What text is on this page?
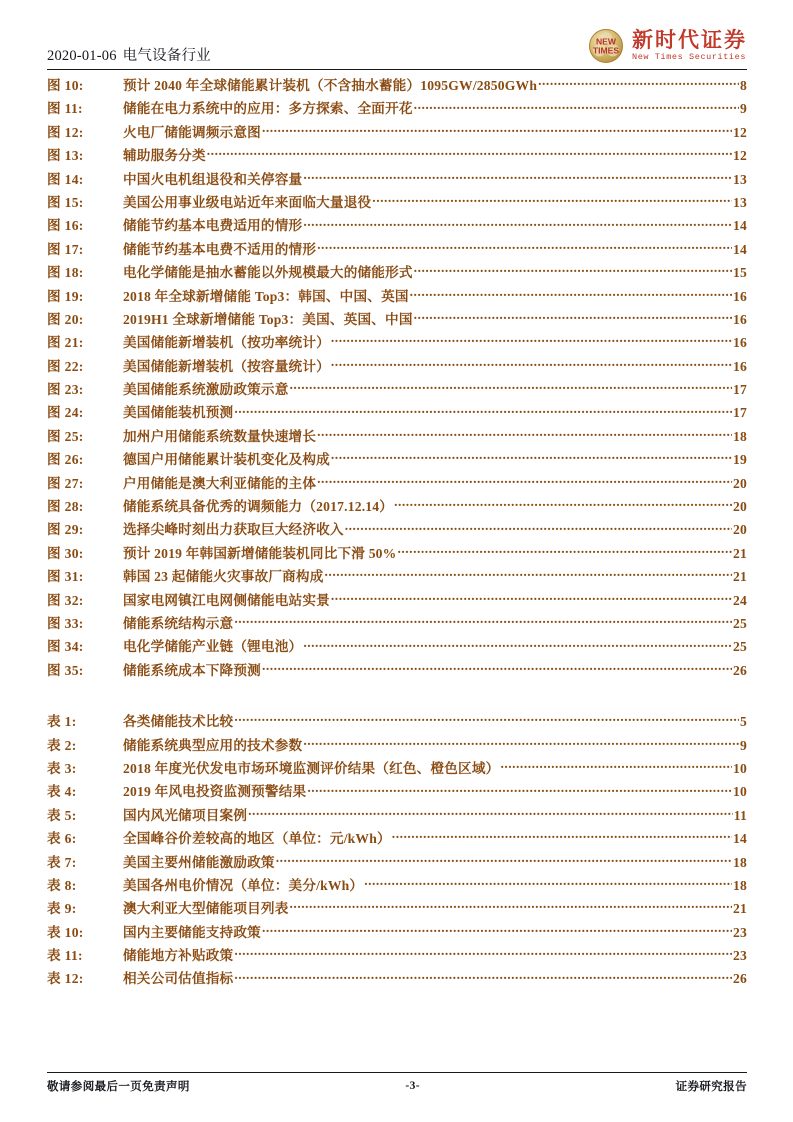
2020-01-06 电气设备行业
NEW
TIMES 新时代证券
New Times Securities
图 10:	预计 2040 年全球储能累计装机（不含抽水蓄能）1095GW/2850GWh .....	8
图 11:	储能在电力系统中的应用：多方探索、全面开花 .....	9
图 12:	火电厂储能调频示意图 .....	12
图 13:	辅助服务分类 .....	12
图 14:	中国火电机组退役和关停容量 .....	13
图 15:	美国公用事业级电站近年来面临大量退役 .....	13
图 16:	储能节约基本电费适用的情形 .....	14
图 17:	储能节约基本电费不适用的情形 .....	14
图 18:	电化学储能是抽水蓄能以外规模最大的储能形式 .....	15
图 19:	2018 年全球新增储能 Top3：韩国、中国、英国 .....	16
图 20:	2019H1 全球新增储能 Top3：美国、英国、中国 .....	16
图 21:	美国储能新增装机（按功率统计） .....	16
图 22:	美国储能新增装机（按容量统计） .....	16
图 23:	美国储能系统激励政策示意 .....	17
图 24:	美国储能装机预测 .....	17
图 25:	加州户用储能系统数量快速增长 .....	18
图 26:	德国户用储能累计装机变化及构成 .....	19
图 27:	户用储能是澳大利亚储能的主体 .....	20
图 28:	储能系统具备优秀的调频能力（2017.12.14） .....	20
图 29:	选择尖峰时刻出力获取巨大经济收入 .....	20
图 30:	预计 2019 年韩国新增储能装机同比下滑 50% .....	21
图 31:	韩国 23 起储能火灾事故厂商构成 .....	21
图 32:	国家电网镇江电网侧储能电站实景 .....	24
图 33:	储能系统结构示意 .....	25
图 34:	电化学储能产业链（锂电池） .....	25
图 35:	储能系统成本下降预测 .....	26
表 1:	各类储能技术比较 .....	5
表 2:	储能系统典型应用的技术参数 .....	9
表 3:	2018 年度光伏发电市场环境监测评价结果（红色、橙色区域） .....	10
表 4:	2019 年风电投资监测预警结果 .....	10
表 5:	国内风光储项目案例 .....	11
表 6:	全国峰谷价差较高的地区（单位：元/kWh） .....	14
表 7:	美国主要州储能激励政策 .....	18
表 8:	美国各州电价情况（单位：美分/kWh） .....	18
表 9:	澳大利亚大型储能项目列表 .....	21
表 10:	国内主要储能支持政策 .....	23
表 11:	储能地方补贴政策 .....	23
表 12:	相关公司估值指标 .....	26
敬请参阅最后一页免责声明	-3-	证券研究报告
